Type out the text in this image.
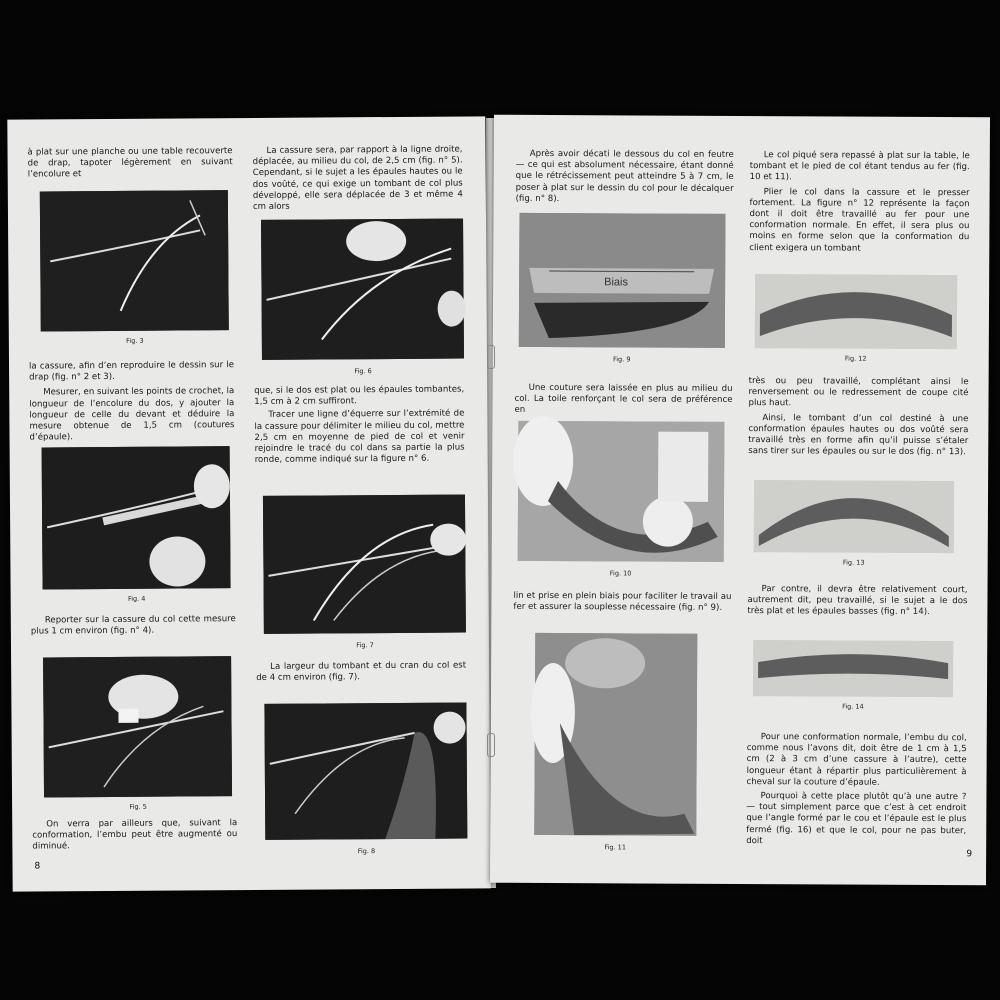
à plat sur une planche ou une table recouverte de drap, tapoter légèrement en suivant l’encolure et

Fig. 3

la cassure, afin d’en reproduire le dessin sur le drap (fig. n° 2 et 3).

Mesurer, en suivant les points de crochet, la longueur de l’encolure du dos, y ajouter la longueur de celle du devant et déduire la mesure obtenue de 1,5 cm (coutures d’épaule).

Fig. 4

Reporter sur la cassure du col cette mesure plus 1 cm environ (fig. n° 4).

Fig. 5

On verra par ailleurs que, suivant la conformation, l’embu peut être augmenté ou diminué.

8

La cassure sera, par rapport à la ligne droite, déplacée, au milieu du col, de 2,5 cm (fig. n° 5). Cependant, si le sujet a les épaules hautes ou le dos voûté, ce qui exige un tombant de col plus développé, elle sera déplacée de 3 et même 4 cm alors

Fig. 6

que, si le dos est plat ou les épaules tombantes, 1,5 cm à 2 cm suffiront.

Tracer une ligne d’équerre sur l’extrémité de la cassure pour délimiter le milieu du col, mettre 2,5 cm en moyenne de pied de col et venir rejoindre le tracé du col dans sa partie la plus ronde, comme indiqué sur la figure n° 6.

Fig. 7

La largeur du tombant et du cran du col est de 4 cm environ (fig. 7).

Fig. 8

Après avoir décati le dessous du col en feutre — ce qui est absolument nécessaire, étant donné que le rétrécissement peut atteindre 5 à 7 cm, le poser à plat sur le dessin du col pour le décalquer (fig. n° 8).

Biais
Fig. 9

Une couture sera laissée en plus au milieu du col. La toile renforçant le col sera de préférence en

Fig. 10

lin et prise en plein biais pour faciliter le travail au fer et assurer la souplesse nécessaire (fig. n° 9).

Fig. 11

Le col piqué sera repassé à plat sur la table, le tombant et le pied de col étant tendus au fer (fig. 10 et 11).

Plier le col dans la cassure et le presser fortement. La figure n° 12 représente la façon dont il doit être travaillé au fer pour une conformation normale. En effet, il sera plus ou moins en forme selon que la conformation du client exigera un tombant

Fig. 12

très ou peu travaillé, complétant ainsi le renversement ou le redressement de coupe cité plus haut.

Ainsi, le tombant d’un col destiné à une conformation épaules hautes ou dos voûté sera travaillé très en forme afin qu’il puisse s’étaler sans tirer sur les épaules ou sur le dos (fig. n° 13).

Fig. 13

Par contre, il devra être relativement court, autrement dit, peu travaillé, si le sujet a le dos très plat et les épaules basses (fig. n° 14).

Fig. 14

Pour une conformation normale, l’embu du col, comme nous l’avons dit, doit être de 1 cm à 1,5 cm (2 à 3 cm d’une cassure à l’autre), cette longueur étant à répartir plus particulièrement à cheval sur la couture d’épaule.

Pourquoi à cette place plutôt qu’à une autre ? — tout simplement parce que c’est à cet endroit que l’angle formé par le cou et l’épaule est le plus fermé (fig. 16) et que le col, pour ne pas buter, doit

9
